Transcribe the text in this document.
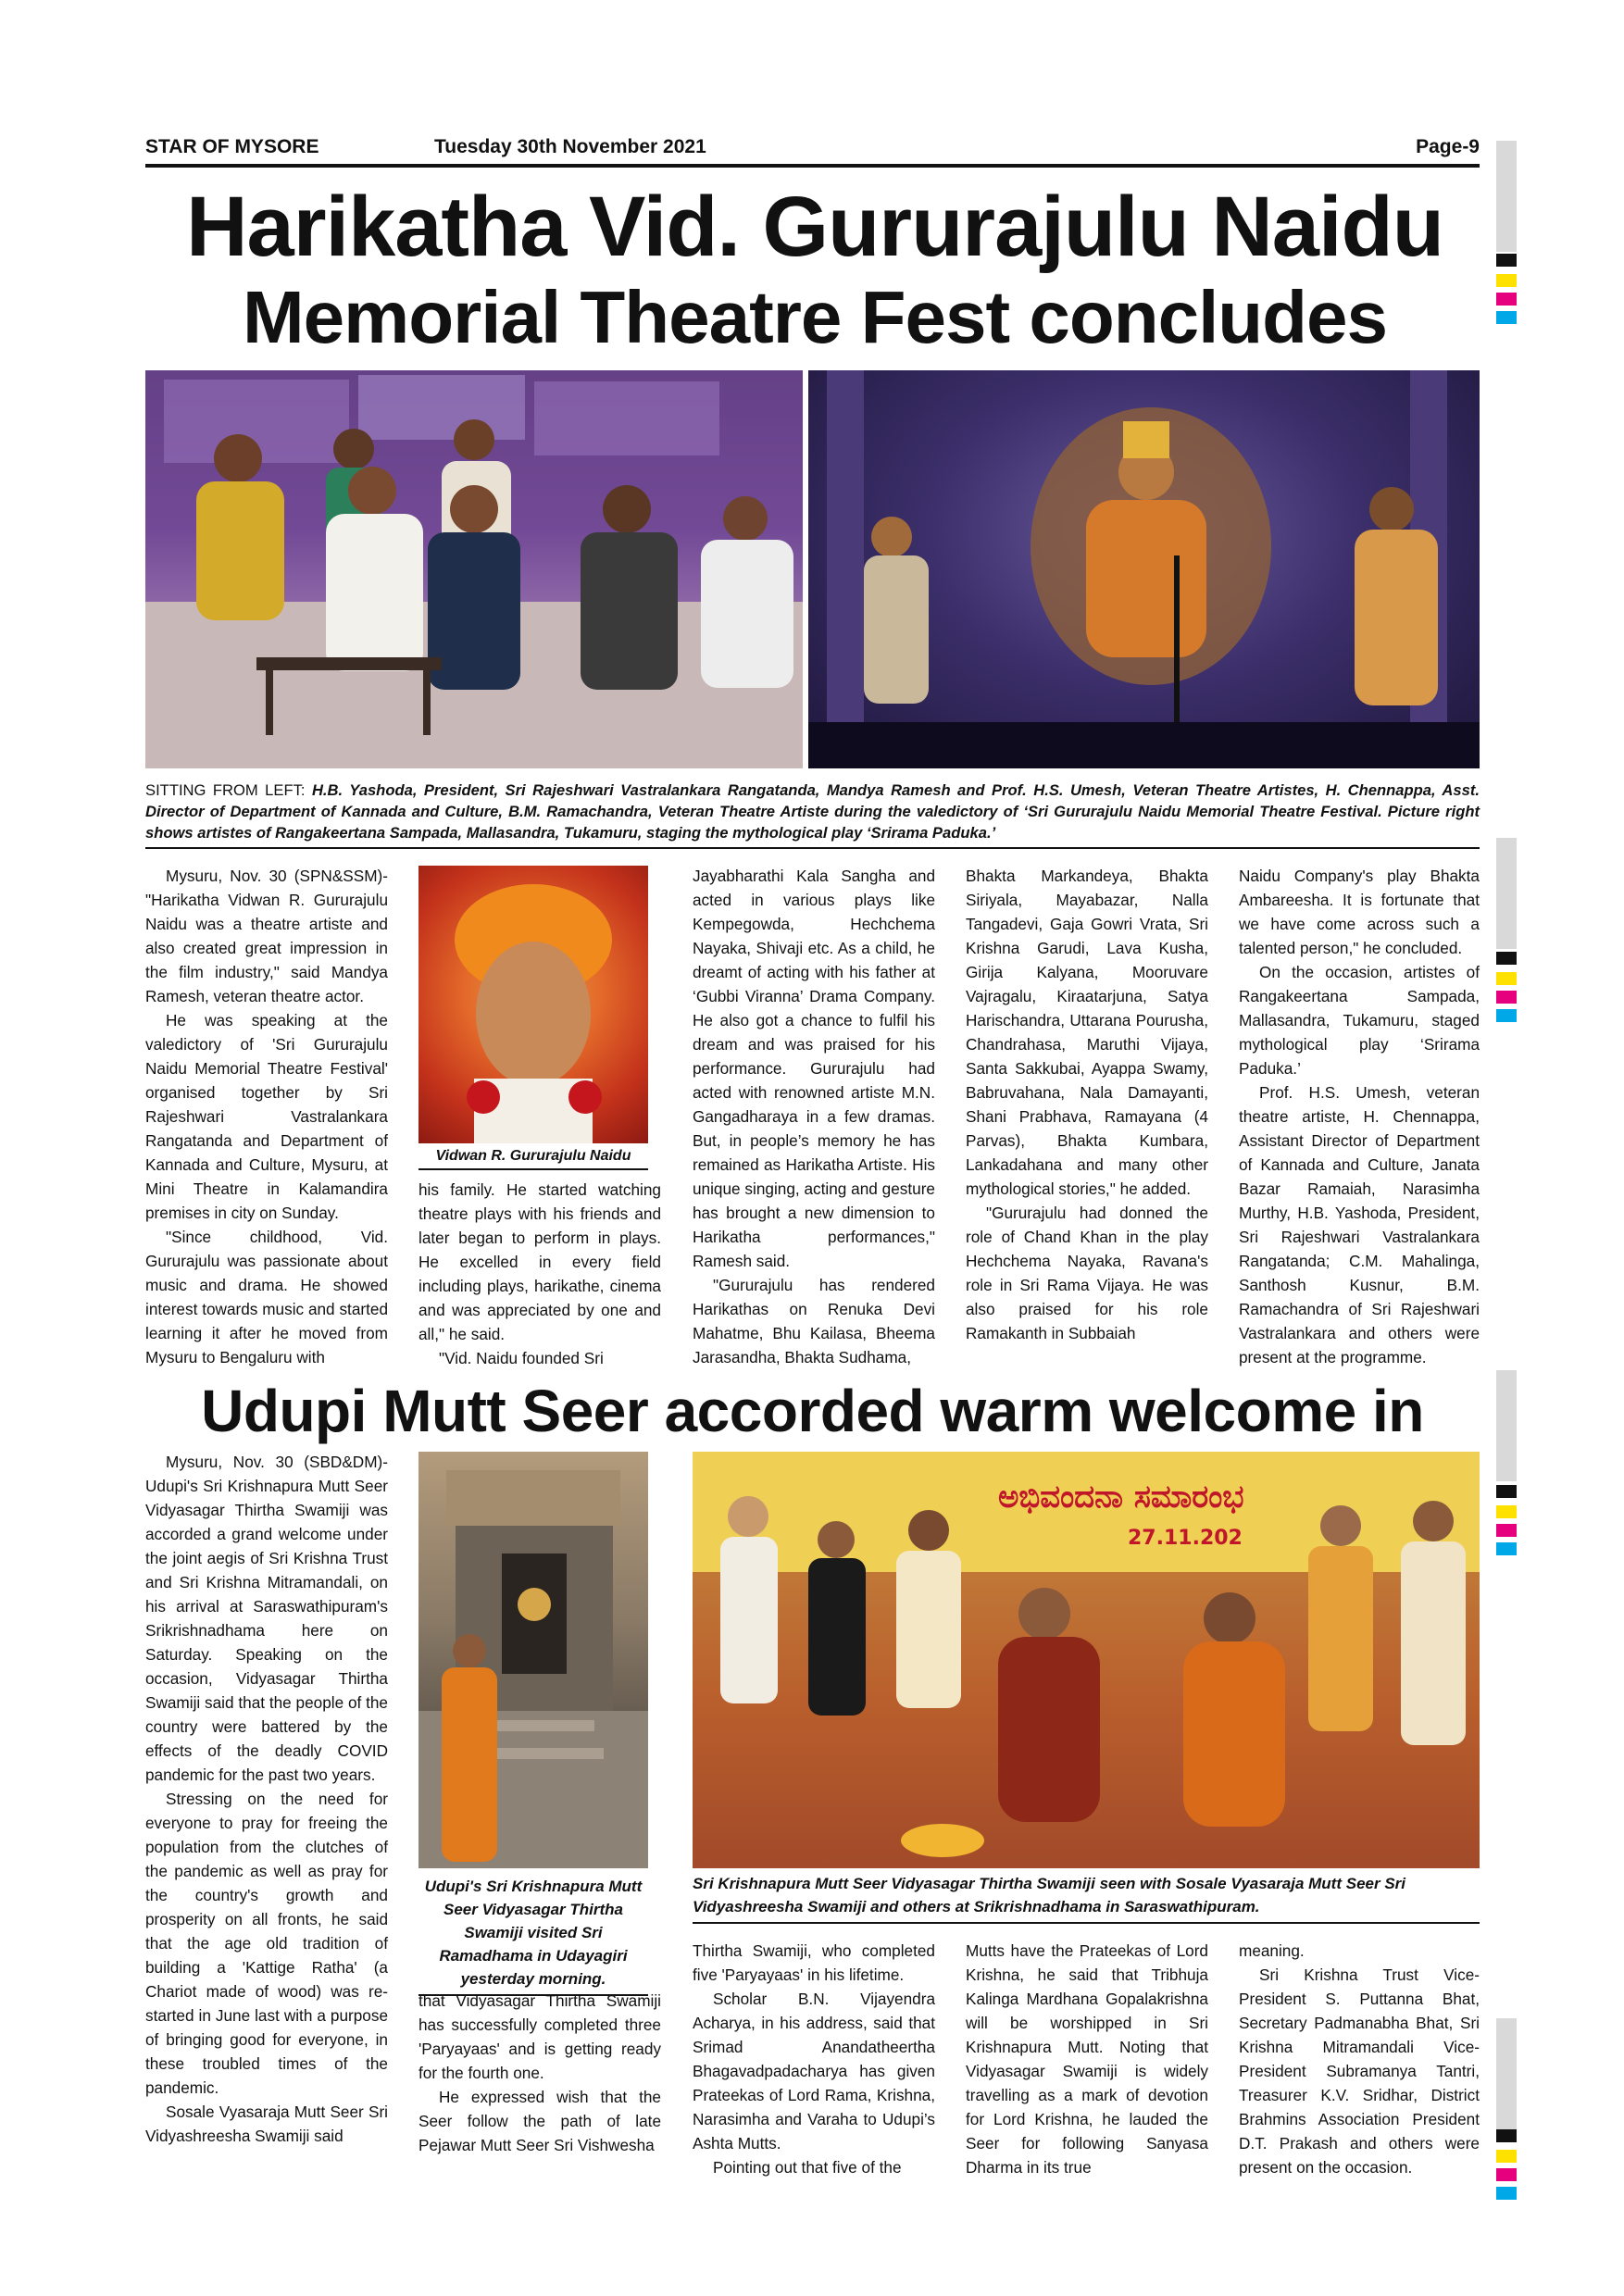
STAR OF MYSORE	Tuesday 30th November 2021	Page-9
Harikatha Vid. Gururajulu Naidu
Memorial Theatre Fest concludes
SITTING FROM LEFT: H.B. Yashoda, President, Sri Rajeshwari Vastralankara Rangatanda, Mandya Ramesh and Prof. H.S. Umesh, Veteran Theatre Artistes, H. Chennappa, Asst. Director of Department of Kannada and Culture, B.M. Ramachandra, Veteran Theatre Artiste during the valedictory of ‘Sri Gururajulu Naidu Memorial Theatre Festival. Picture right shows artistes of Rangakeertana Sampada, Mallasandra, Tukamuru, staging the mythological play ‘Srirama Paduka.’

Mysuru, Nov. 30 (SPN&SSM)- "Harikatha Vidwan R. Gururajulu Naidu was a theatre artiste and also created great impression in the film industry," said Mandya Ramesh, veteran theatre actor.

He was speaking at the valedictory of 'Sri Gururajulu Naidu Memorial Theatre Festival' organised together by Sri Rajeshwari Vastralankara Rangatanda and Department of Kannada and Culture, Mysuru, at Mini Theatre in Kalamandira premises in city on Sunday.

"Since childhood, Vid. Gururajulu was passionate about music and drama. He showed interest towards music and started learning it after he moved from Mysuru to Bengaluru with

Vidwan R. Gururajulu Naidu

his family. He started watching theatre plays with his friends and later began to perform in plays. He excelled in every field including plays, harikathe, cinema and was appreciated by one and all," he said.

"Vid. Naidu founded Sri

Jayabharathi Kala Sangha and acted in various plays like Kempegowda, Hechchema Nayaka, Shivaji etc. As a child, he dreamt of acting with his father at ‘Gubbi Viranna’ Drama Company. He also got a chance to fulfil his dream and was praised for his performance. Gururajulu had acted with renowned artiste M.N. Gangadharaya in a few dramas. But, in people’s memory he has remained as Harikatha Artiste. His unique singing, acting and gesture has brought a new dimension to Harikatha performances," Ramesh said.

"Gururajulu has rendered Harikathas on Renuka Devi Mahatme, Bhu Kailasa, Bheema Jarasandha, Bhakta Sudhama,

Bhakta Markandeya, Bhakta Siriyala, Mayabazar, Nalla Tangadevi, Gaja Gowri Vrata, Sri Krishna Garudi, Lava Kusha, Girija Kalyana, Mooruvare Vajragalu, Kiraatarjuna, Satya Harischandra, Uttarana Pourusha, Chandrahasa, Maruthi Vijaya, Santa Sakkubai, Ayappa Swamy, Babruvahana, Nala Damayanti, Shani Prabhava, Ramayana (4 Parvas), Bhakta Kumbara, Lankadahana and many other mythological stories," he added.

"Gururajulu had donned the role of Chand Khan in the play Hechchema Nayaka, Ravana's role in Sri Rama Vijaya. He was also praised for his role Ramakanth in Subbaiah

Naidu Company's play Bhakta Ambareesha. It is fortunate that we have come across such a talented person," he concluded.

On the occasion, artistes of Rangakeertana Sampada, Mallasandra, Tukamuru, staged mythological play ‘Srirama Paduka.’

Prof. H.S. Umesh, veteran theatre artiste, H. Chennappa, Assistant Director of Department of Kannada and Culture, Janata Bazar Ramaiah, Narasimha Murthy, H.B. Yashoda, President, Sri Rajeshwari Vastralankara Rangatanda; C.M. Mahalinga, Santhosh Kusnur, B.M. Ramachandra of Sri Rajeshwari Vastralankara and others were present at the programme.

Udupi Mutt Seer accorded warm welcome in

Mysuru, Nov. 30 (SBD&DM)- Udupi's Sri Krishnapura Mutt Seer Vidyasagar Thirtha Swamiji was accorded a grand welcome under the joint aegis of Sri Krishna Trust and Sri Krishna Mitramandali, on his arrival at Saraswathipuram's Srikrishnadhama here on Saturday. Speaking on the occasion, Vidyasagar Thirtha Swamiji said that the people of the country were battered by the effects of the deadly COVID pandemic for the past two years.

Stressing on the need for everyone to pray for freeing the population from the clutches of the pandemic as well as pray for the country's growth and prosperity on all fronts, he said that the age old tradition of building a 'Kattige Ratha' (a Chariot made of wood) was re-started in June last with a purpose of bringing good for everyone, in these troubled times of the pandemic.

Sosale Vyasaraja Mutt Seer Sri Vidyashreesha Swamiji said

Udupi's Sri Krishnapura Mutt Seer Vidyasagar Thirtha Swamiji visited Sri Ramadhama in Udayagiri yesterday morning.

that Vidyasagar Thirtha Swamiji has successfully completed three 'Paryayaas' and is getting ready for the fourth one.

He expressed wish that the Seer follow the path of late Pejawar Mutt Seer Sri Vishwesha

ಅಭಿವಂದನಾ ಸಮಾರಂಭ
27.11.202
Sri Krishnapura Mutt Seer Vidyasagar Thirtha Swamiji seen with Sosale Vyasaraja Mutt Seer Sri Vidyashreesha Swamiji and others at Srikrishnadhama in Saraswathipuram.

Thirtha Swamiji, who completed five 'Paryayaas' in his lifetime.

Scholar B.N. Vijayendra Acharya, in his address, said that Srimad Anandatheertha Bhagavadpadacharya has given Prateekas of Lord Rama, Krishna, Narasimha and Varaha to Udupi’s Ashta Mutts.

Pointing out that five of the

Mutts have the Prateekas of Lord Krishna, he said that Tribhuja Kalinga Mardhana Gopalakrishna will be worshipped in Sri Krishnapura Mutt. Noting that Vidyasagar Swamiji is widely travelling as a mark of devotion for Lord Krishna, he lauded the Seer for following Sanyasa Dharma in its true

meaning.

Sri Krishna Trust Vice-President S. Puttanna Bhat, Secretary Padmanabha Bhat, Sri Krishna Mitramandali Vice-President Subramanya Tantri, Treasurer K.V. Sridhar, District Brahmins Association President D.T. Prakash and others were present on the occasion.
